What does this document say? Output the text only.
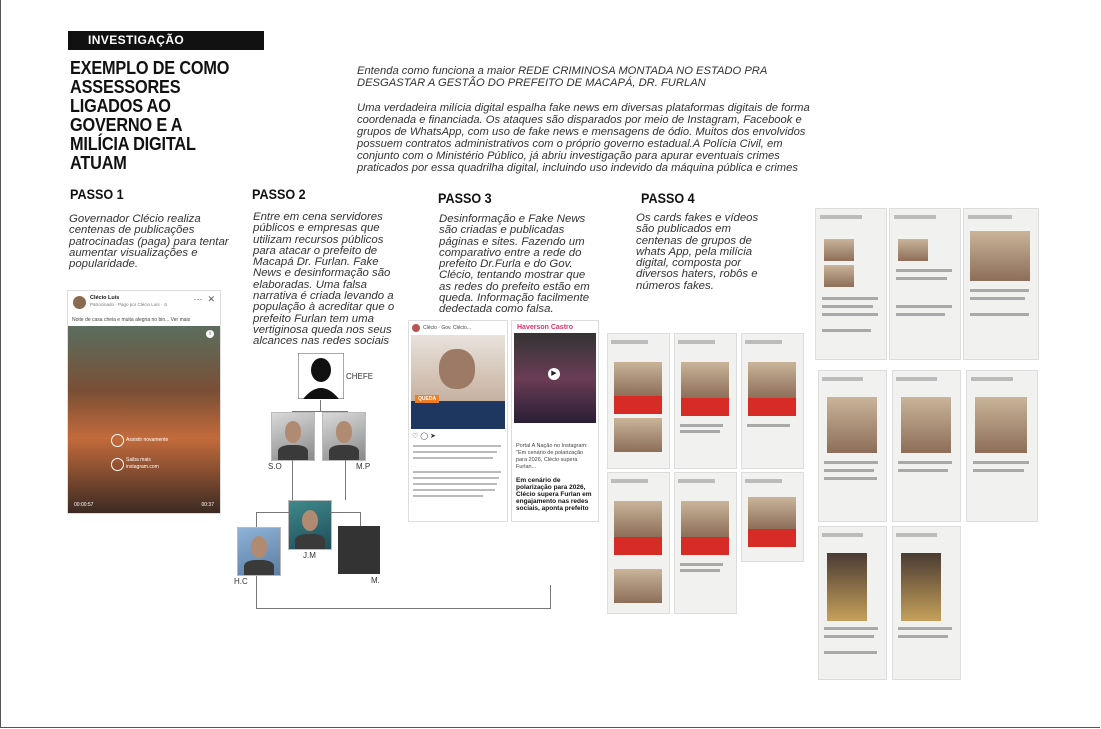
INVESTIGAÇÃO
EXEMPLO DE COMO ASSESSORES LIGADOS AO GOVERNO E A MILÍCIA DIGITAL ATUAM

Entenda como funciona a maior REDE CRIMINOSA MONTADA NO ESTADO PRA DESGASTAR A GESTÃO DO PREFEITO DE MACAPÁ, DR. FURLAN

Uma verdadeira milícia digital espalha fake news em diversas plataformas digitais de forma coordenada e financiada. Os ataques são disparados por meio de Instagram, Facebook e grupos de WhatsApp, com uso de fake news e mensagens de ódio. Muitos dos envolvidos possuem contratos administrativos com o próprio governo estadual.A Polícia Civil, em conjunto com o Ministério Público, já abriu investigação para apurar eventuais crimes praticados por essa quadrilha digital, incluindo uso indevido da máquina pública e crimes

PASSO 1
Governador Clécio realiza centenas de publicações patrocinadas (paga) para tentar aumentar visualizações e popularidade.
PASSO 2
Entre em cena servidores públicos e empresas que utilizam recursos públicos para atacar o prefeito de Macapá Dr. Furlan. Fake News e desinformação são elaboradas. Uma falsa narrativa é criada levando a população à acreditar que o prefeito Furlan tem uma vertiginosa queda nos seus alcances nas redes sociais
PASSO 3
Desinformação e Fake News são criadas e publicadas páginas e sites. Fazendo um comparativo entre a rede do prefeito Dr.Furla e do Gov. Clécio, tentando mostrar que as redes do prefeito estão em queda. Informação facilmente dedectada como falsa.
PASSO 4
Os cards fakes e vídeos são publicados em centenas de grupos de whats App, pela milícia digital, composta por diversos haters, robôs e números fakes.
Clécio Luís
Patrocinado · Pago por Clécio Luís · ⊙
···  ✕
Noite de casa cheia e muita alegria no bin... Ver mais
i
Assistir novamente
Saiba mais
instagram.com
00:00:57	00:37
CHEFE
S.O	M.P
J.M
H.C	M.
Clécio · Gov. Clécio...
QUEDA
♡ ◯ ➤
Haverson Castro
▶
Portal A Nação no Instagram: "Em cenário de polarização para 2026, Clécio supera Furlan...
Em cenário de polarização para 2026, Clécio supera Furlan em engajamento nas redes sociais, aponta prefeito
